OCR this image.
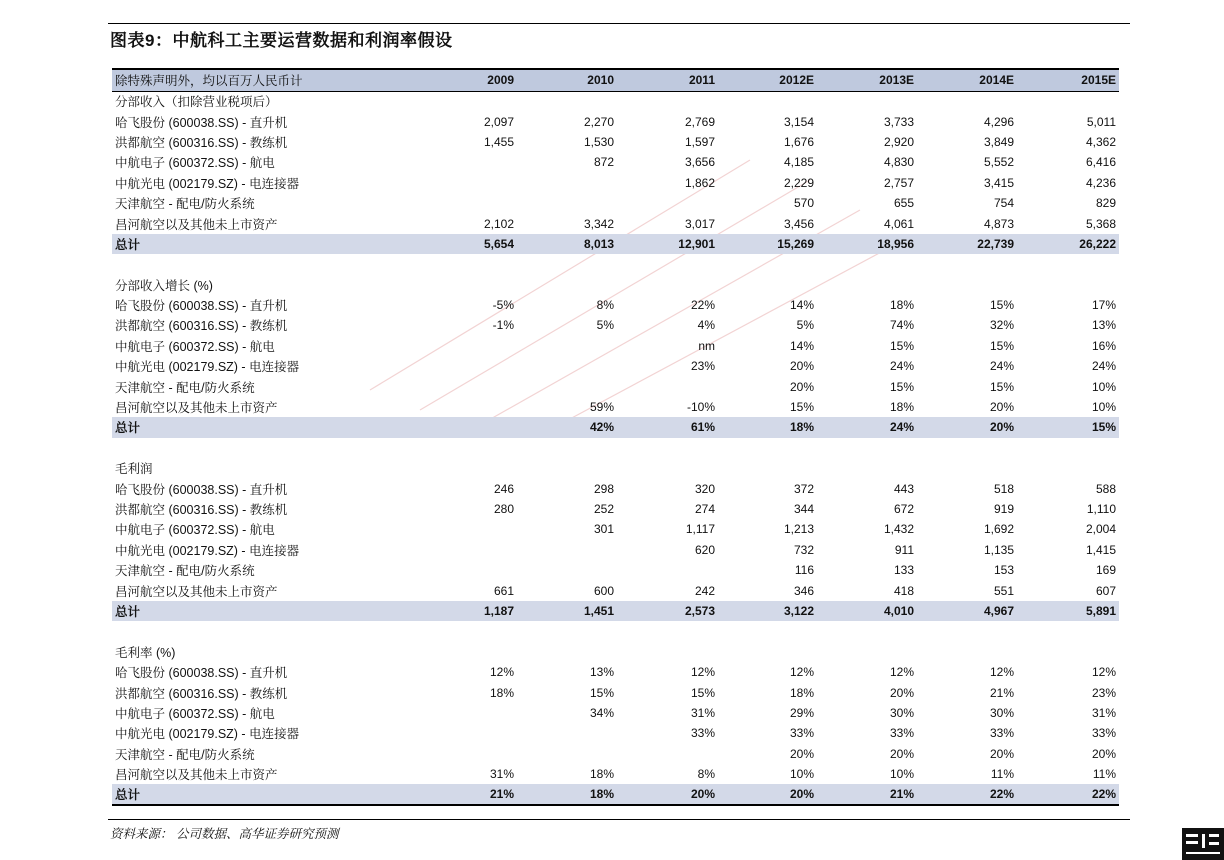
图表9：中航科工主要运营数据和利润率假设
除特殊声明外，均以百万人民币计	2009	2010	2011	2012E	2013E	2014E	2015E
分部收入（扣除营业税项后）							
哈飞股份 (600038.SS) - 直升机	2,097	2,270	2,769	3,154	3,733	4,296	5,011
洪都航空 (600316.SS) - 教练机	1,455	1,530	1,597	1,676	2,920	3,849	4,362
中航电子 (600372.SS) - 航电		872	3,656	4,185	4,830	5,552	6,416
中航光电 (002179.SZ) - 电连接器			1,862	2,229	2,757	3,415	4,236
天津航空 - 配电/防火系统				570	655	754	829
昌河航空以及其他未上市资产	2,102	3,342	3,017	3,456	4,061	4,873	5,368
总计	5,654	8,013	12,901	15,269	18,956	22,739	26,222

分部收入增长 (%)							
哈飞股份 (600038.SS) - 直升机	-5%	8%	22%	14%	18%	15%	17%
洪都航空 (600316.SS) - 教练机	-1%	5%	4%	5%	74%	32%	13%
中航电子 (600372.SS) - 航电			nm	14%	15%	15%	16%
中航光电 (002179.SZ) - 电连接器			23%	20%	24%	24%	24%
天津航空 - 配电/防火系统				20%	15%	15%	10%
昌河航空以及其他未上市资产		59%	-10%	15%	18%	20%	10%
总计		42%	61%	18%	24%	20%	15%

毛利润							
哈飞股份 (600038.SS) - 直升机	246	298	320	372	443	518	588
洪都航空 (600316.SS) - 教练机	280	252	274	344	672	919	1,110
中航电子 (600372.SS) - 航电		301	1,117	1,213	1,432	1,692	2,004
中航光电 (002179.SZ) - 电连接器			620	732	911	1,135	1,415
天津航空 - 配电/防火系统				116	133	153	169
昌河航空以及其他未上市资产	661	600	242	346	418	551	607
总计	1,187	1,451	2,573	3,122	4,010	4,967	5,891

毛利率 (%)							
哈飞股份 (600038.SS) - 直升机	12%	13%	12%	12%	12%	12%	12%
洪都航空 (600316.SS) - 教练机	18%	15%	15%	18%	20%	21%	23%
中航电子 (600372.SS) - 航电		34%	31%	29%	30%	30%	31%
中航光电 (002179.SZ) - 电连接器			33%	33%	33%	33%	33%
天津航空 - 配电/防火系统				20%	20%	20%	20%
昌河航空以及其他未上市资产	31%	18%	8%	10%	10%	11%	11%
总计	21%	18%	20%	20%	21%	22%	22%
资料来源： 公司数据、高华证券研究预测
